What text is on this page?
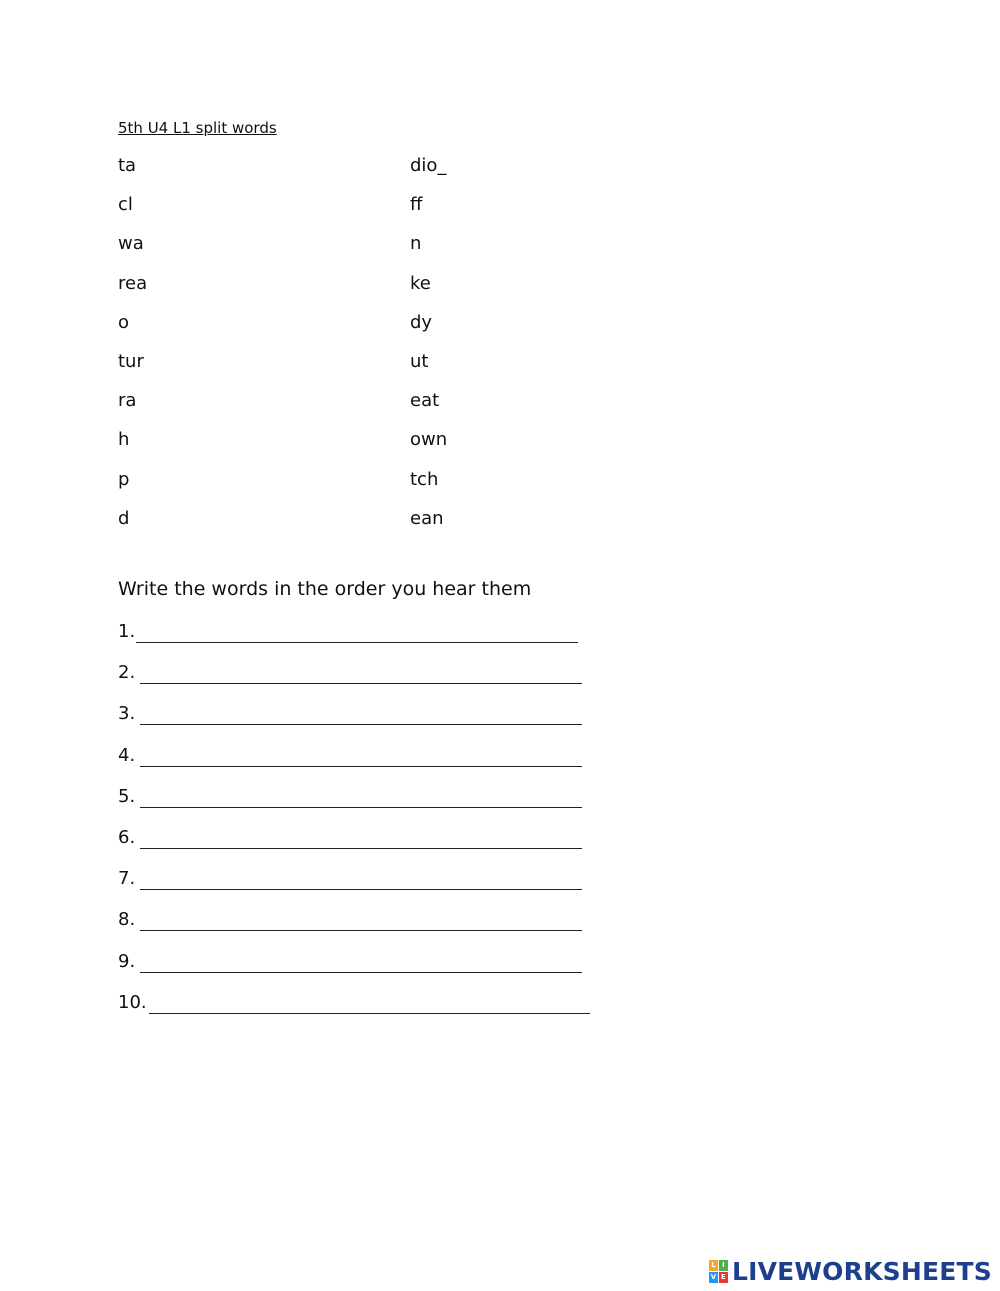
5th U4 L1 split words
ta
cl
wa
rea
o
tur
ra
h
p
d
dio_
ff
n
ke
dy
ut
eat
own
tch
ean
Write the words in the order you hear them
1.
2.
3.
4.
5.
6.
7.
8.
9.
10.
L I
V E LIVEWORKSHEETS
